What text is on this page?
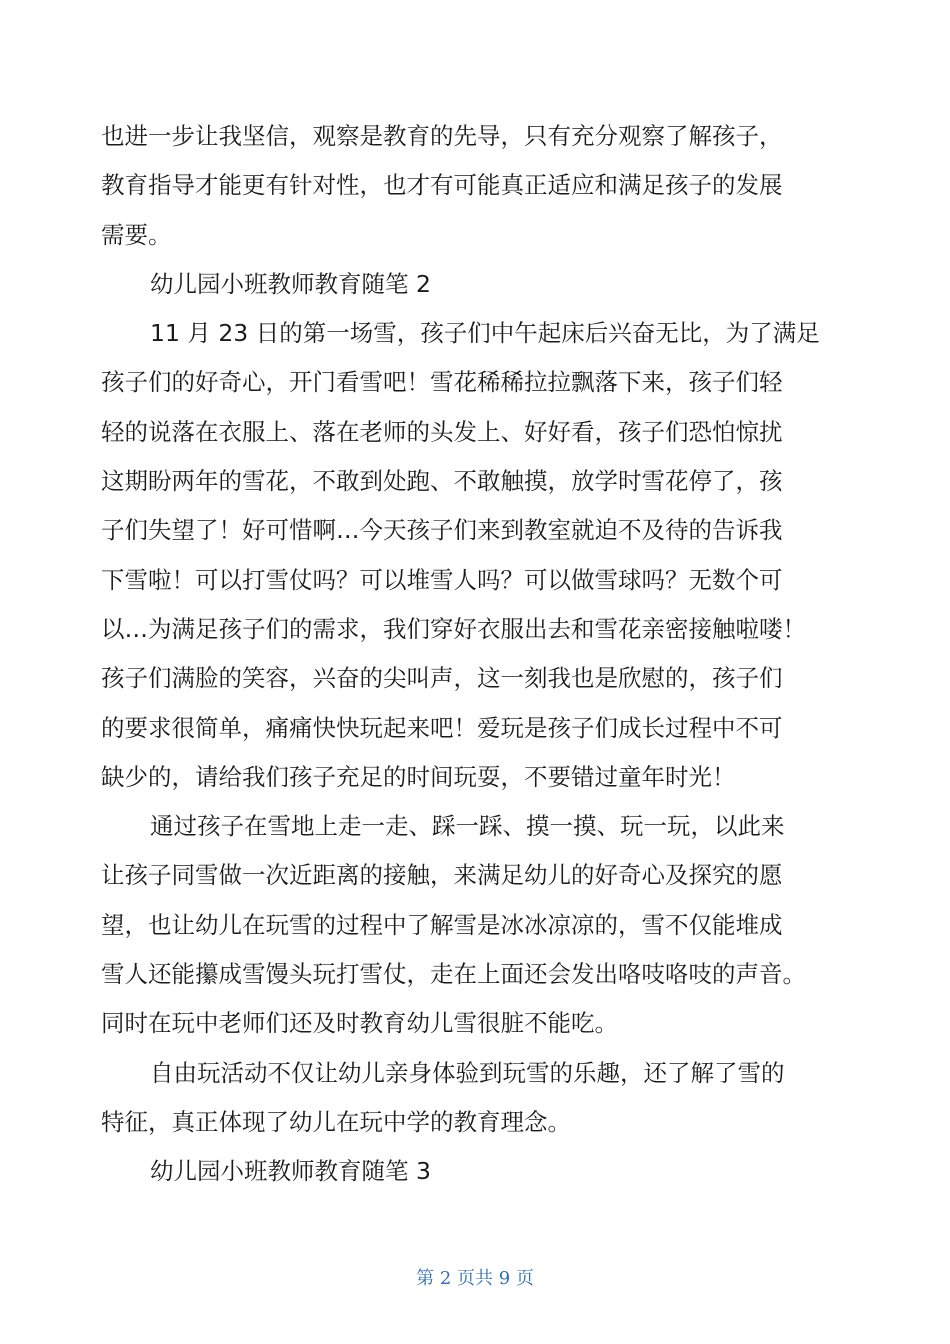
也进一步让我坚信，观察是教育的先导，只有充分观察了解孩子，
教育指导才能更有针对性，也才有可能真正适应和满足孩子的发展
需要。
幼儿园小班教师教育随笔 2
11 月 23 日的第一场雪，孩子们中午起床后兴奋无比，为了满足
孩子们的好奇心，开门看雪吧！雪花稀稀拉拉飘落下来，孩子们轻
轻的说落在衣服上、落在老师的头发上、好好看，孩子们恐怕惊扰
这期盼两年的雪花，不敢到处跑、不敢触摸，放学时雪花停了，孩
子们失望了！好可惜啊…今天孩子们来到教室就迫不及待的告诉我
下雪啦！可以打雪仗吗？可以堆雪人吗？可以做雪球吗？无数个可
以…为满足孩子们的需求，我们穿好衣服出去和雪花亲密接触啦喽！
孩子们满脸的笑容，兴奋的尖叫声，这一刻我也是欣慰的，孩子们
的要求很简单，痛痛快快玩起来吧！爱玩是孩子们成长过程中不可
缺少的，请给我们孩子充足的时间玩耍，不要错过童年时光！
通过孩子在雪地上走一走、踩一踩、摸一摸、玩一玩，以此来
让孩子同雪做一次近距离的接触，来满足幼儿的好奇心及探究的愿
望，也让幼儿在玩雪的过程中了解雪是冰冰凉凉的，雪不仅能堆成
雪人还能攥成雪馒头玩打雪仗，走在上面还会发出咯吱咯吱的声音。
同时在玩中老师们还及时教育幼儿雪很脏不能吃。
自由玩活动不仅让幼儿亲身体验到玩雪的乐趣，还了解了雪的
特征，真正体现了幼儿在玩中学的教育理念。
幼儿园小班教师教育随笔 3
第 2 页共 9 页
